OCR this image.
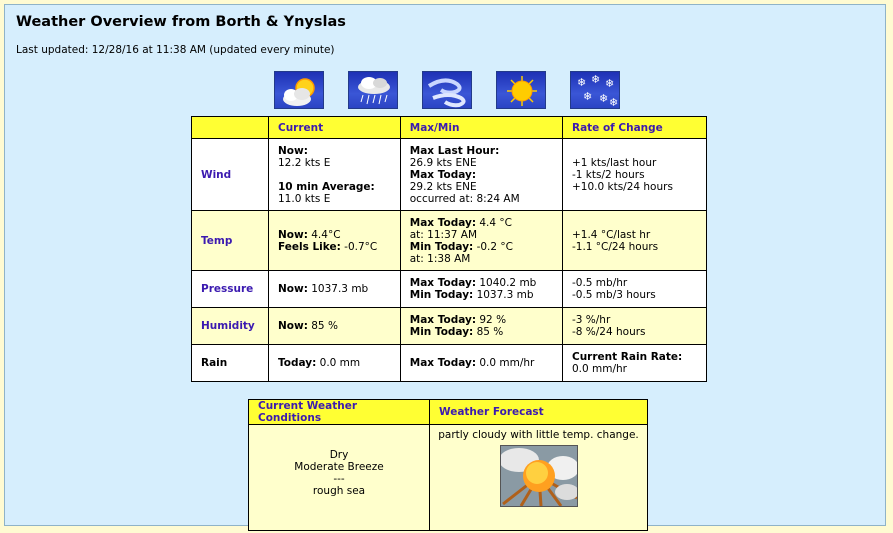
Weather Overview from Borth & Ynyslas
Last updated: 12/28/16 at 11:38 AM (updated every minute)
❄ ❄ ❄
❄ ❄ ❄
	Current	Max/Min	Rate of Change
Wind	Now:
12.2 kts E

10 min Average:
11.0 kts E	Max Last Hour:
26.9 kts ENE
Max Today:
29.2 kts ENE
occurred at: 8:24 AM	+1 kts/last hour
-1 kts/2 hours
+10.0 kts/24 hours
Temp	Now: 4.4°C
Feels Like: -0.7°C	Max Today: 4.4 °C
at: 11:37 AM
Min Today: -0.2 °C
at: 1:38 AM	+1.4 °C/last hr
-1.1 °C/24 hours
Pressure	Now: 1037.3 mb	Max Today: 1040.2 mb
Min Today: 1037.3 mb	-0.5 mb/hr
-0.5 mb/3 hours
Humidity	Now: 85 %	Max Today: 92 %
Min Today: 85 %	-3 %/hr
-8 %/24 hours
Rain	Today: 0.0 mm	Max Today: 0.0 mm/hr	Current Rain Rate:
0.0 mm/hr
Current Weather Conditions	Weather Forecast

Dry
Moderate Breeze
---
rough sea	partly cloudy with little temp. change.
